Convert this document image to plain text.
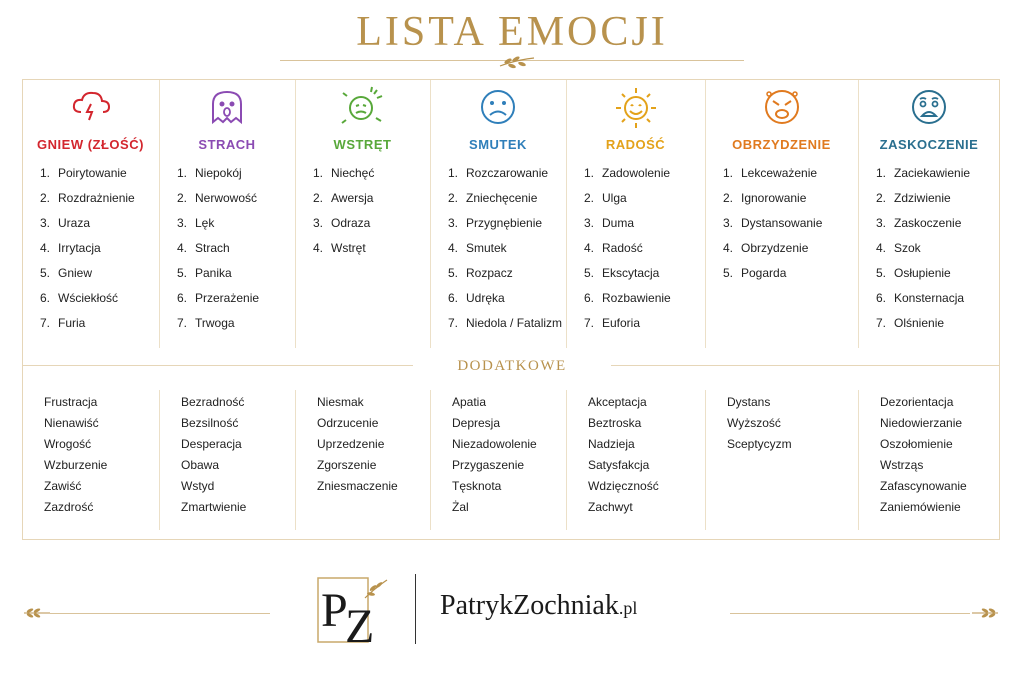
LISTA EMOCJI
GNIEW (ZŁOŚĆ)
1. Poirytowanie
2. Rozdrażnienie
3. Uraza
4. Irrytacja
5. Gniew
6. Wściekłość
7. Furia
STRACH
1. Niepokój
2. Nerwowość
3. Lęk
4. Strach
5. Panika
6. Przerażenie
7. Trwoga
WSTRĘT
1. Niechęć
2. Awersja
3. Odraza
4. Wstręt
SMUTEK
1. Rozczarowanie
2. Zniechęcenie
3. Przygnębienie
4. Smutek
5. Rozpacz
6. Udręka
7. Niedola / Fatalizm
RADOŚĆ
1. Zadowolenie
2. Ulga
3. Duma
4. Radość
5. Ekscytacja
6. Rozbawienie
7. Euforia
OBRZYDZENIE
1. Lekceważenie
2. Ignorowanie
3. Dystansowanie
4. Obrzydzenie
5. Pogarda
ZASKOCZENIE
1. Zaciekawienie
2. Zdziwienie
3. Zaskoczenie
4. Szok
5. Osłupienie
6. Konsternacja
7. Olśnienie
Frustracja
Nienawiść
Wrogość
Wzburzenie
Zawiść
Zazdrość
Bezradność
Bezsilność
Desperacja
Obawa
Wstyd
Zmartwienie
Niesmak
Odrzucenie
Uprzedzenie
Zgorszenie
Zniesmaczenie
Apatia
Depresja
Niezadowolenie
Przygaszenie
Tęsknota
Żal
Akceptacja
Beztroska
Nadzieja
Satysfakcja
Wdzięczność
Zachwyt
Dystans
Wyższość
Sceptycyzm
Dezorientacja
Niedowierzanie
Oszołomienie
Wstrząs
Zafascynowanie
Zaniemówienie
DODATKOWE
P
Z PatrykZochniak.pl
